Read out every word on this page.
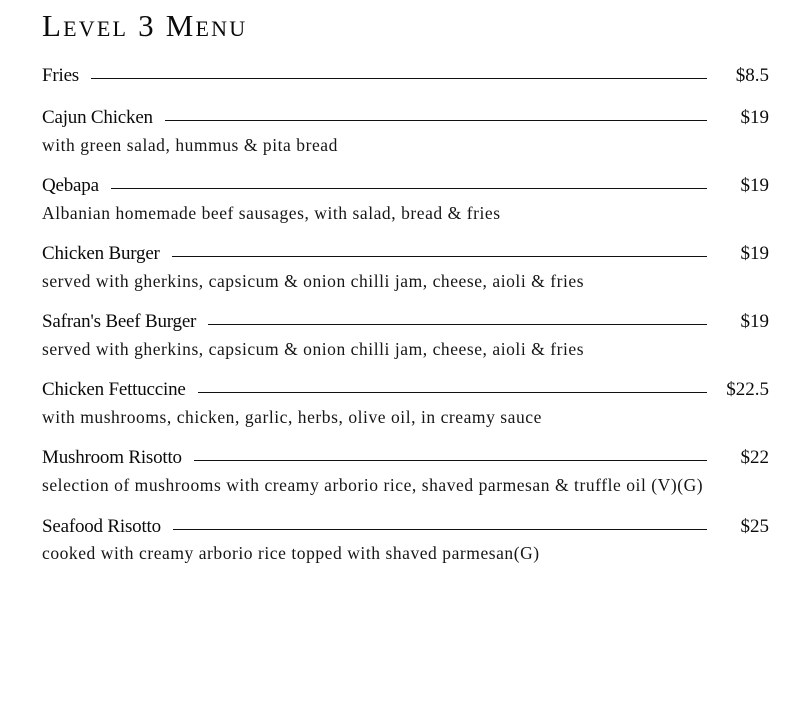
Level 3 Menu
Fries	$8.5
Cajun Chicken	$19
with green salad, hummus & pita bread
Qebapa	$19
Albanian homemade beef sausages, with salad, bread & fries
Chicken Burger	$19
served with gherkins, capsicum & onion chilli jam, cheese, aioli & fries
Safran's Beef Burger	$19
served with gherkins, capsicum & onion chilli jam, cheese, aioli & fries
Chicken Fettuccine	$22.5
with mushrooms, chicken, garlic, herbs, olive oil, in creamy sauce
Mushroom Risotto	$22
selection of mushrooms with creamy arborio rice, shaved parmesan & truffle oil (V)(G)
Seafood Risotto	$25
cooked with creamy arborio rice topped with shaved parmesan(G)
